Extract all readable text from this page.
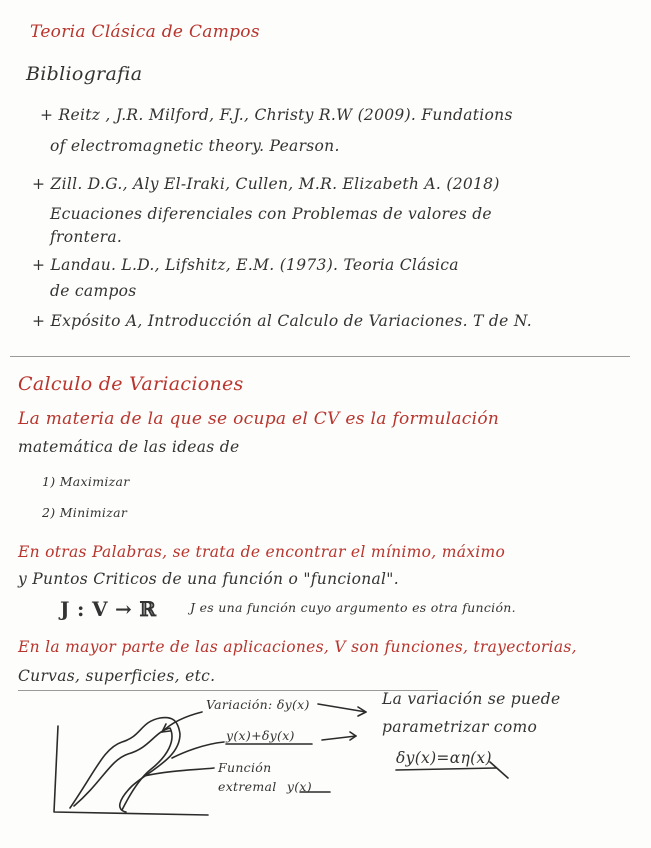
Teoria Clásica de Campos
Bibliografia
+ Reitz , J.R. Milford, F.J., Christy R.W (2009). Fundations
of electromagnetic theory. Pearson.
+ Zill. D.G., Aly El-Iraki, Cullen, M.R. Elizabeth A. (2018)
Ecuaciones diferenciales con Problemas de valores de
frontera.
+ Landau. L.D., Lifshitz, E.M. (1973). Teoria Clásica
de campos
+ Expósito A, Introducción al Calculo de Variaciones. T de N.
Calculo de Variaciones
La materia de la que se ocupa el CV es la formulación
matemática de las ideas de
1) Maximizar
2) Minimizar
En otras Palabras, se trata de encontrar el mínimo, máximo
y Puntos Criticos de una función o "funcional".
J : V → ℝ	J es una función cuyo argumento es otra función.
En la mayor parte de las aplicaciones, V son funciones, trayectorias,
Curvas, superficies, etc.
Variación: δy(x)
y(x)+δy(x)
Función
extremal y(x)
La variación se puede
parametrizar como
δy(x)=αη(x)
